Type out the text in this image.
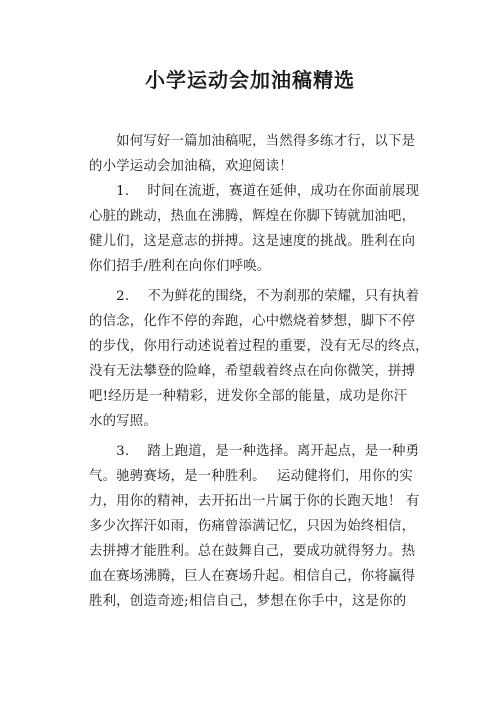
小学运动会加油稿精选
　　如何写好一篇加油稿呢，当然得多练才行，以下是
的小学运动会加油稿，欢迎阅读！
　　1.　 时间在流逝，赛道在延伸，成功在你面前展现
心脏的跳动，热血在沸腾，辉煌在你脚下铸就加油吧，
健儿们，这是意志的拼搏。这是速度的挑战。胜利在向
你们招手/胜利在向你们呼唤。
　　2.　 不为鲜花的围绕，不为刹那的荣耀，只有执着
的信念，化作不停的奔跑，心中燃烧着梦想，脚下不停
的步伐，你用行动述说着过程的重要，没有无尽的终点，
没有无法攀登的险峰，希望载着终点在向你微笑，拼搏
吧!经历是一种精彩，迸发你全部的能量，成功是你汗
水的写照。
　　3.　 踏上跑道，是一种选择。离开起点，是一种勇
气。驰骋赛场，是一种胜利。　 运动健将们，用你的实
力，用你的精神，去开拓出一片属于你的长跑天地！ 有
多少次挥汗如雨，伤痛曾添满记忆，只因为始终相信，
去拼搏才能胜利。总在鼓舞自己，要成功就得努力。热
血在赛场沸腾，巨人在赛场升起。相信自己，你将赢得
胜利，创造奇迹;相信自己，梦想在你手中，这是你的
